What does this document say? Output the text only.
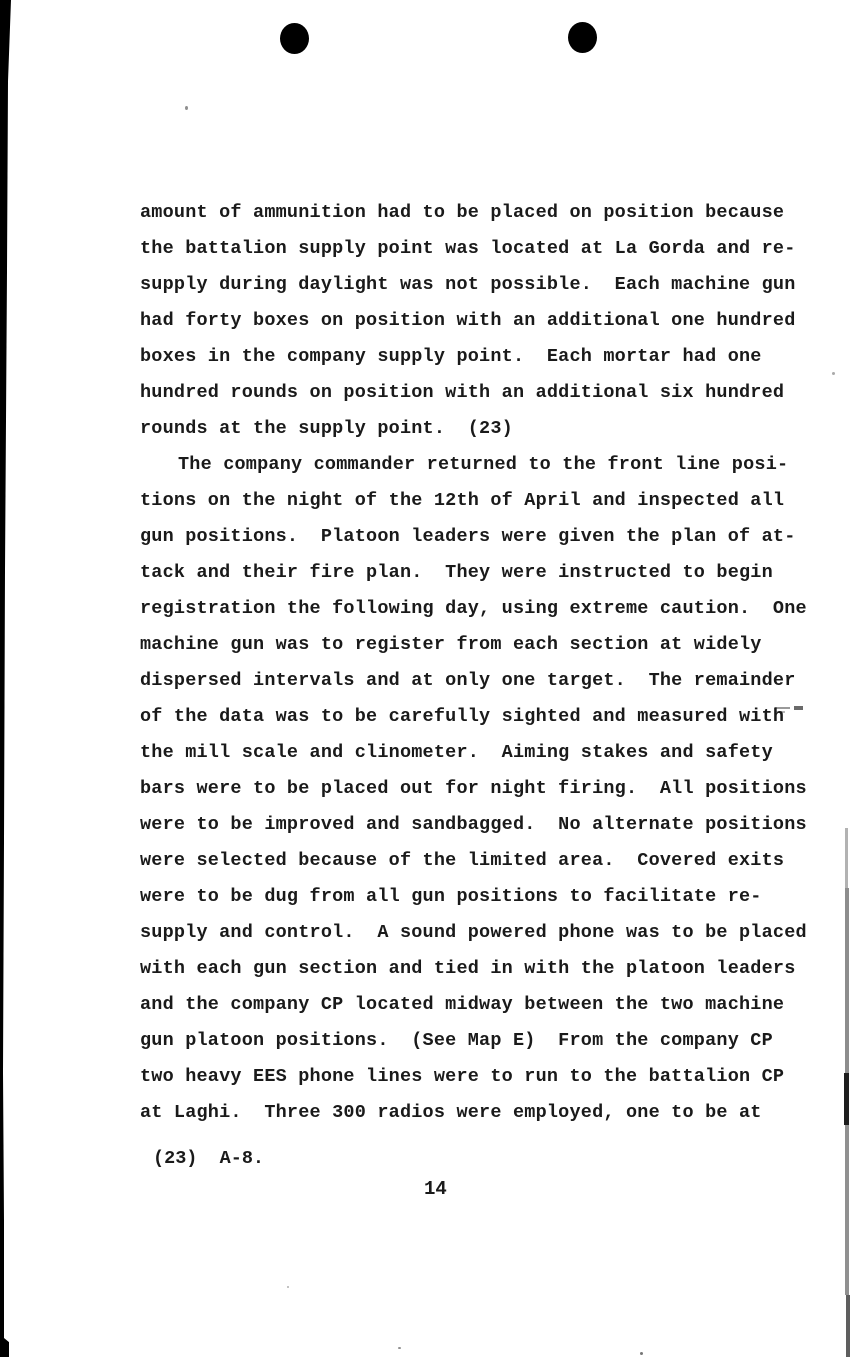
amount of ammunition had to be placed on position because
the battalion supply point was located at La Gorda and re-
supply during daylight was not possible.  Each machine gun
had forty boxes on position with an additional one hundred
boxes in the company supply point.  Each mortar had one
hundred rounds on position with an additional six hundred
rounds at the supply point.  (23)
The company commander returned to the front line posi-
tions on the night of the 12th of April and inspected all
gun positions.  Platoon leaders were given the plan of at-
tack and their fire plan.  They were instructed to begin
registration the following day, using extreme caution.  One
machine gun was to register from each section at widely
dispersed intervals and at only one target.  The remainder
of the data was to be carefully sighted and measured with
the mill scale and clinometer.  Aiming stakes and safety
bars were to be placed out for night firing.  All positions
were to be improved and sandbagged.  No alternate positions
were selected because of the limited area.  Covered exits
were to be dug from all gun positions to facilitate re-
supply and control.  A sound powered phone was to be placed
with each gun section and tied in with the platoon leaders
and the company CP located midway between the two machine
gun platoon positions.  (See Map E)  From the company CP
two heavy EES phone lines were to run to the battalion CP
at Laghi.  Three 300 radios were employed, one to be at
(23)  A-8.
14
